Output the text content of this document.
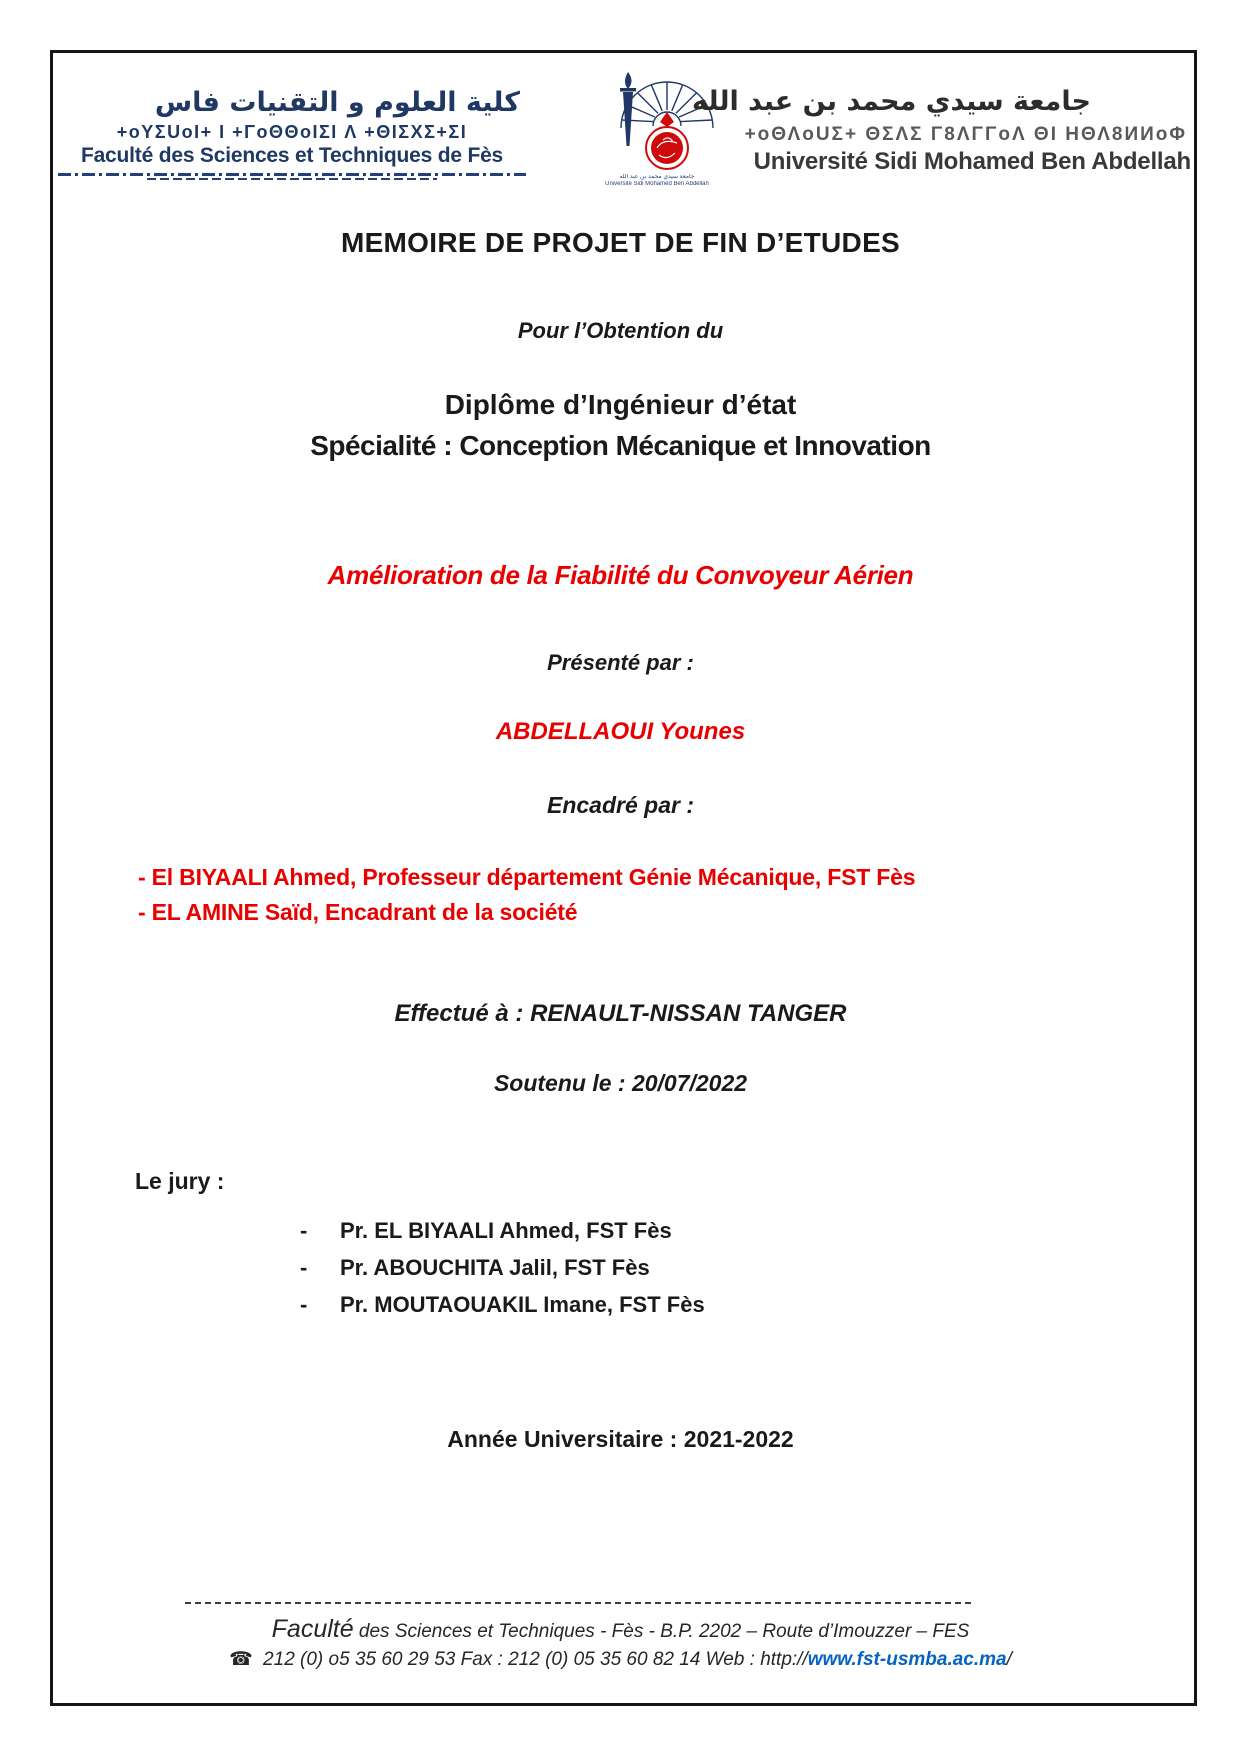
كلية العلوم و التقنيات فاس
+oYΣUoI+ I +ΓoΘΘoIΣI Λ +ΘIΣXΣ+ΣI
Faculté des Sciences et Techniques de Fès
جامعة سيدي محمد بن عبد الله
Université Sidi Mohamed Ben Abdellah
جامعة سيدي محمد بن عبد الله
+oΘΛoUΣ+ ΘΣΛΣ Γ8ΛΓΓoΛ ΘI ΗΘΛ8ИИoΦ
Université Sidi Mohamed Ben Abdellah
MEMOIRE DE PROJET DE FIN D’ETUDES
Pour l’Obtention du
Diplôme d’Ingénieur d’état
Spécialité : Conception Mécanique et Innovation
Amélioration de la Fiabilité du Convoyeur Aérien
Présenté par :
ABDELLAOUI Younes
Encadré par :
- El BIYAALI Ahmed, Professeur département Génie Mécanique, FST Fès
- EL AMINE Saïd, Encadrant de la société
Effectué à : RENAULT-NISSAN TANGER
Soutenu le : 20/07/2022
Le jury :
-	Pr. EL BIYAALI Ahmed, FST Fès
-	Pr. ABOUCHITA Jalil, FST Fès
-	Pr. MOUTAOUAKIL Imane, FST Fès
Année Universitaire : 2021-2022
Faculté des Sciences et Techniques - Fès - B.P. 2202 – Route d’Imouzzer – FES
☎ 212 (0) o5 35 60 29 53 Fax : 212 (0) 05 35 60 82 14 Web : http://www.fst-usmba.ac.ma/
